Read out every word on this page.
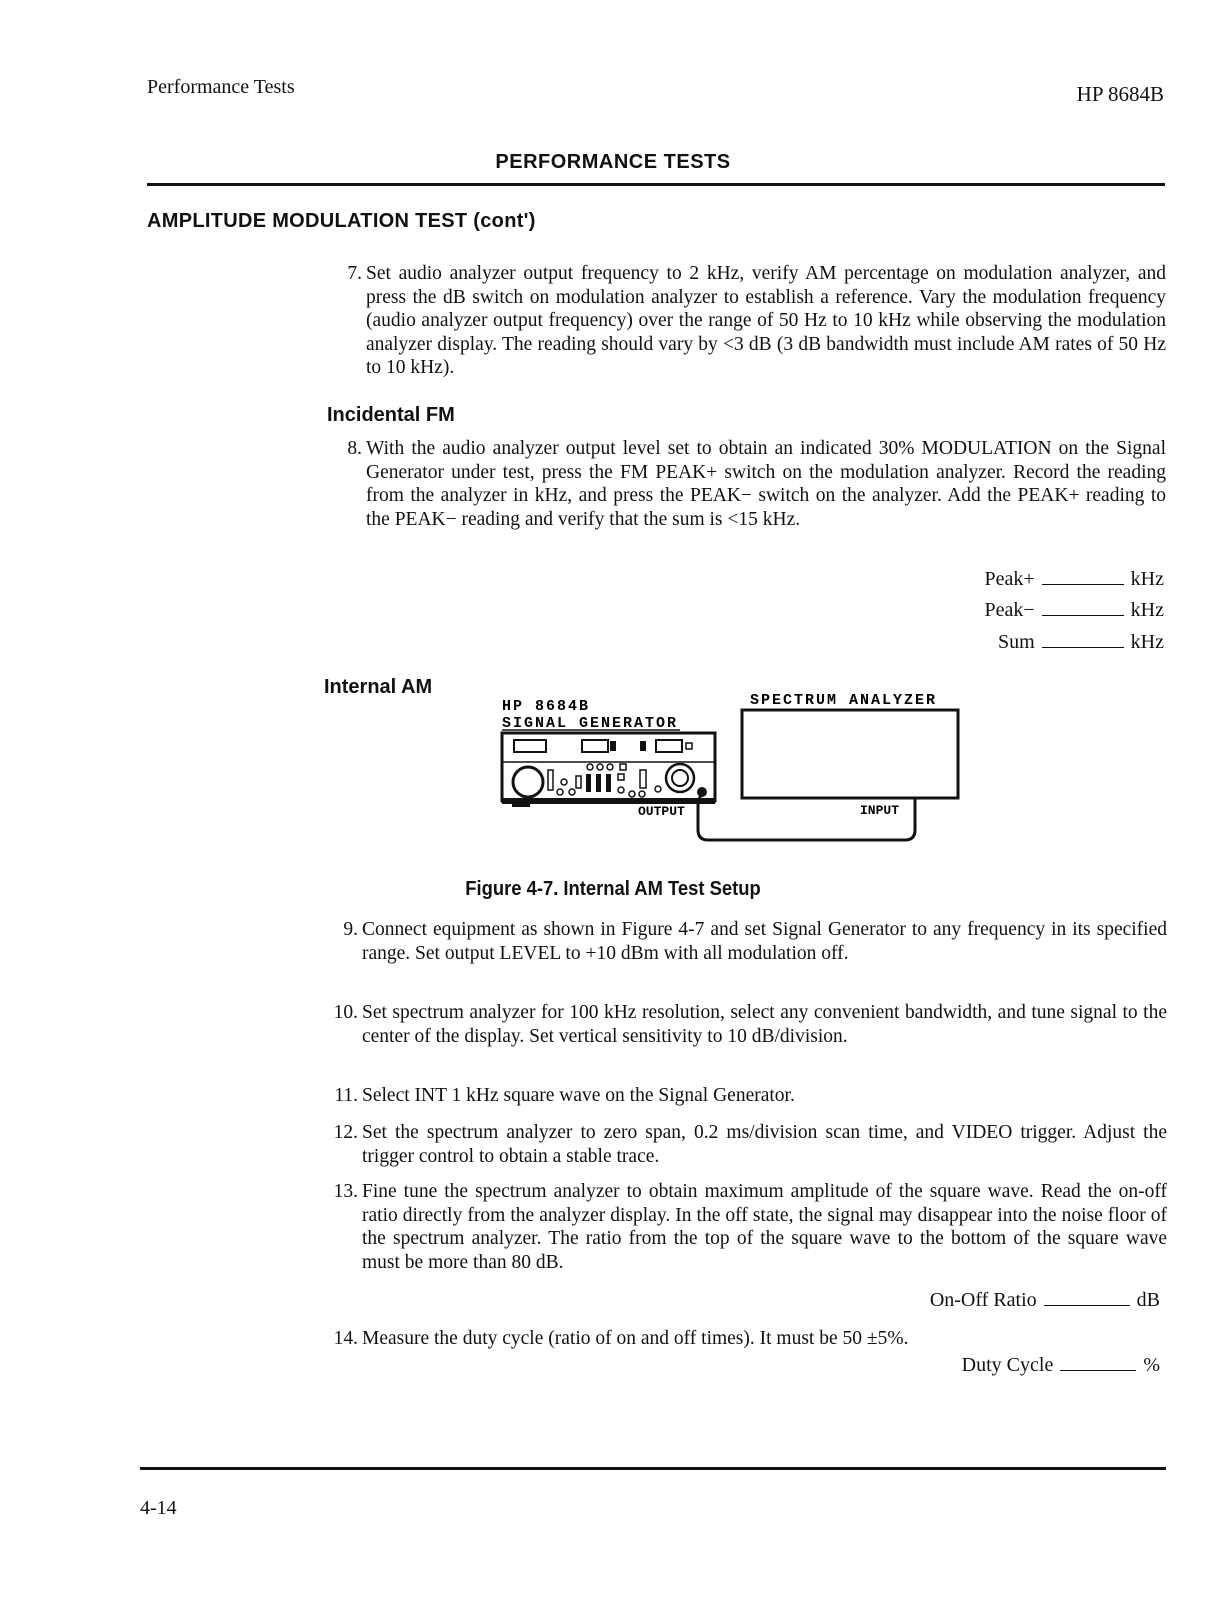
Performance Tests	HP 8684B
PERFORMANCE TESTS
AMPLITUDE MODULATION TEST (cont')
7. Set audio analyzer output frequency to 2 kHz, verify AM percentage on modulation analyzer, and press the dB switch on modulation analyzer to establish a reference. Vary the modulation frequency (audio analyzer output frequency) over the range of 50 Hz to 10 kHz while observing the modulation analyzer display. The reading should vary by <3 dB (3 dB bandwidth must include AM rates of 50 Hz to 10 kHz).
Incidental FM
8. With the audio analyzer output level set to obtain an indicated 30% MODULATION on the Signal Generator under test, press the FM PEAK+ switch on the modulation analyzer. Record the reading from the analyzer in kHz, and press the PEAK− switch on the analyzer. Add the PEAK+ reading to the PEAK− reading and verify that the sum is <15 kHz.
Peak+	kHz
Peak−	kHz
Sum	kHz
Internal AM
HP 8684B
SIGNAL GENERATOR
SPECTRUM ANALYZER
OUTPUT	INPUT
Figure 4-7. Internal AM Test Setup
9. Connect equipment as shown in Figure 4-7 and set Signal Generator to any frequency in its specified range. Set output LEVEL to +10 dBm with all modulation off.
10. Set spectrum analyzer for 100 kHz resolution, select any convenient bandwidth, and tune signal to the center of the display. Set vertical sensitivity to 10 dB/division.
11. Select INT 1 kHz square wave on the Signal Generator.
12. Set the spectrum analyzer to zero span, 0.2 ms/division scan time, and VIDEO trigger. Adjust the trigger control to obtain a stable trace.
13. Fine tune the spectrum analyzer to obtain maximum amplitude of the square wave. Read the on-off ratio directly from the analyzer display. In the off state, the signal may disappear into the noise floor of the spectrum analyzer. The ratio from the top of the square wave to the bottom of the square wave must be more than 80 dB.
On-Off Ratio	dB
14. Measure the duty cycle (ratio of on and off times). It must be 50 ±5%.
Duty Cycle	%
4-14
